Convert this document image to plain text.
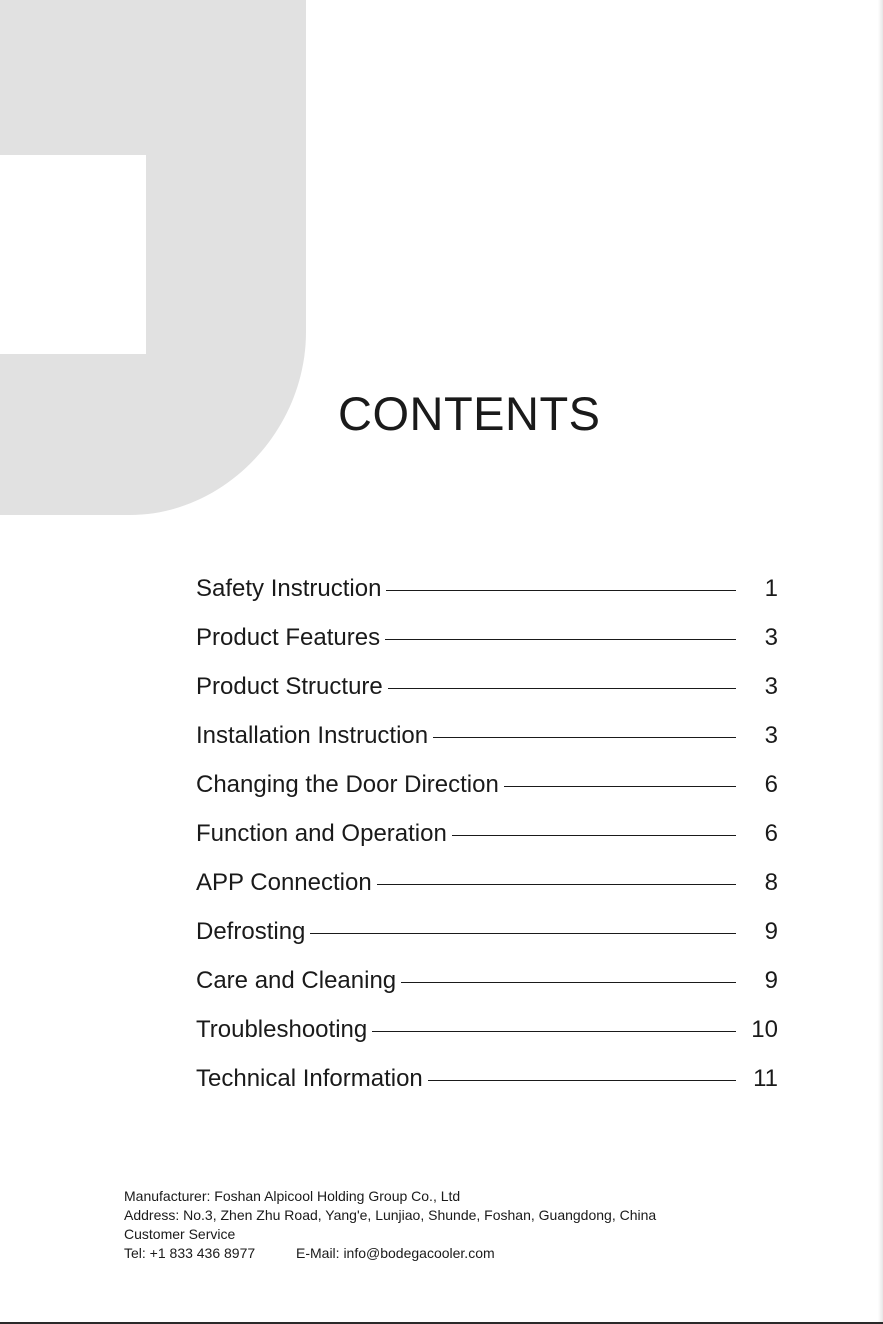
CONTENTS
Safety Instruction	1
Product Features	3
Product Structure	3
Installation Instruction	3
Changing the Door Direction	6
Function and Operation	6
APP Connection	8
Defrosting	9
Care and Cleaning	9
Troubleshooting	10
Technical Information	11
Manufacturer: Foshan Alpicool Holding Group Co., Ltd
Address: No.3, Zhen Zhu Road, Yang'e, Lunjiao, Shunde, Foshan, Guangdong, China
Customer Service
Tel: +1 833 436 8977	E-Mail: info@bodegacooler.com
